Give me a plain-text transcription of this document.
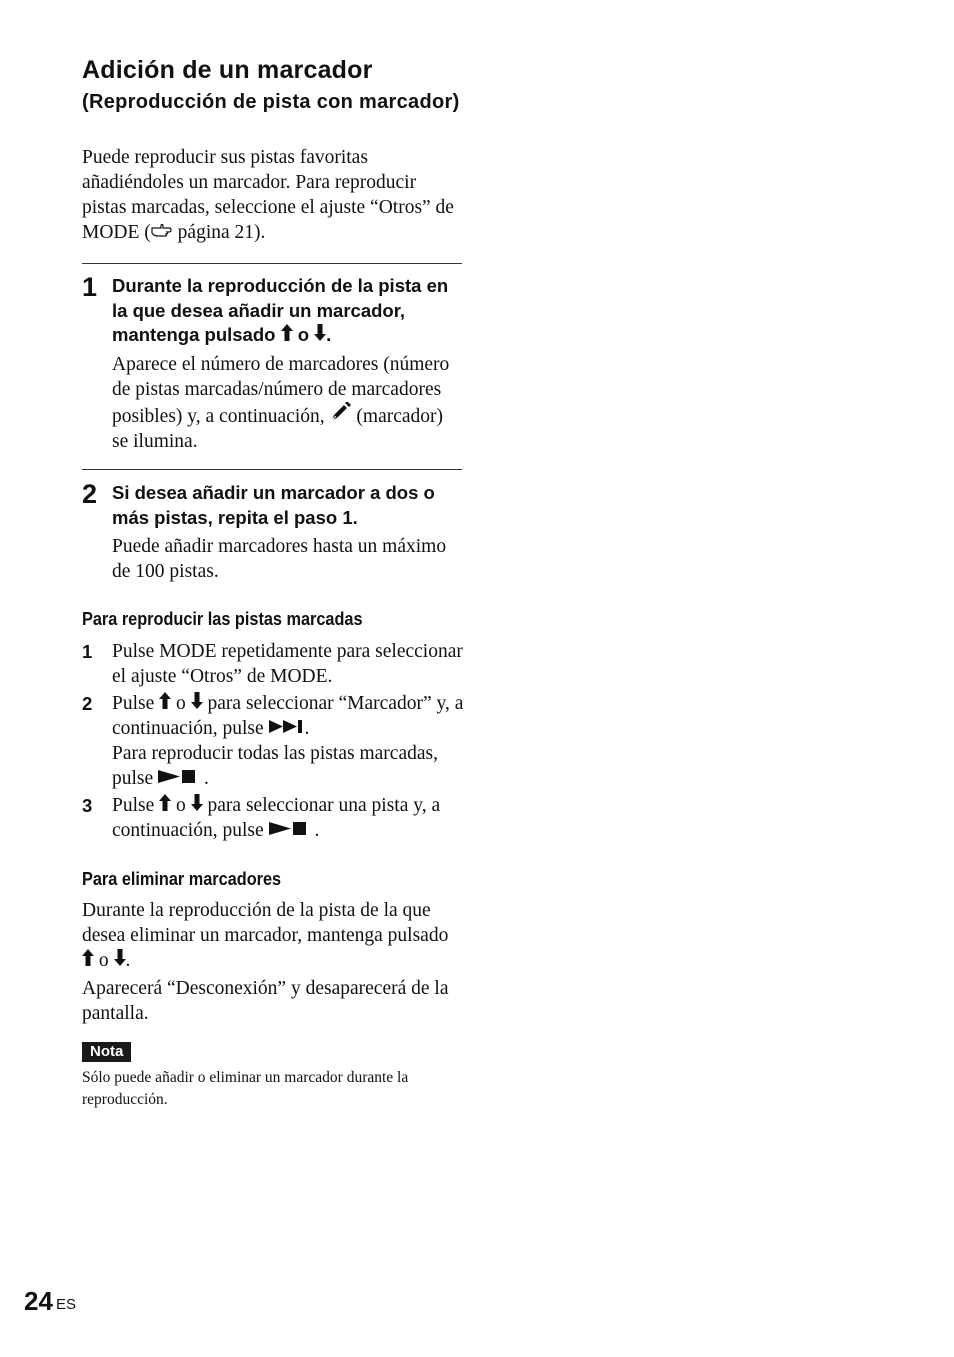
Adición de un marcador
(Reproducción de pista con marcador)
Puede reproducir sus pistas favoritas añadiéndoles un marcador. Para reproducir pistas marcadas, seleccione el ajuste “Otros” de MODE ( página 21).
1 Durante la reproducción de la pista en la que desea añadir un marcador, mantenga pulsado  o .
Aparece el número de marcadores (número de pistas marcadas/número de marcadores posibles) y, a continuación,  (marcador) se ilumina.
2 Si desea añadir un marcador a dos o más pistas, repita el paso 1.
Puede añadir marcadores hasta un máximo de 100 pistas.
Para reproducir las pistas marcadas
1 Pulse MODE repetidamente para seleccionar el ajuste “Otros” de MODE.
2 Pulse  o  para seleccionar “Marcador” y, a continuación, pulse .
Para reproducir todas las pistas marcadas, pulse .
3 Pulse  o  para seleccionar una pista y, a continuación, pulse .
Para eliminar marcadores
Durante la reproducción de la pista de la que desea eliminar un marcador, mantenga pulsado  o .
Aparecerá “Desconexión” y desaparecerá de la pantalla.
Nota
Sólo puede añadir o eliminar un marcador durante la reproducción.
24 ES
